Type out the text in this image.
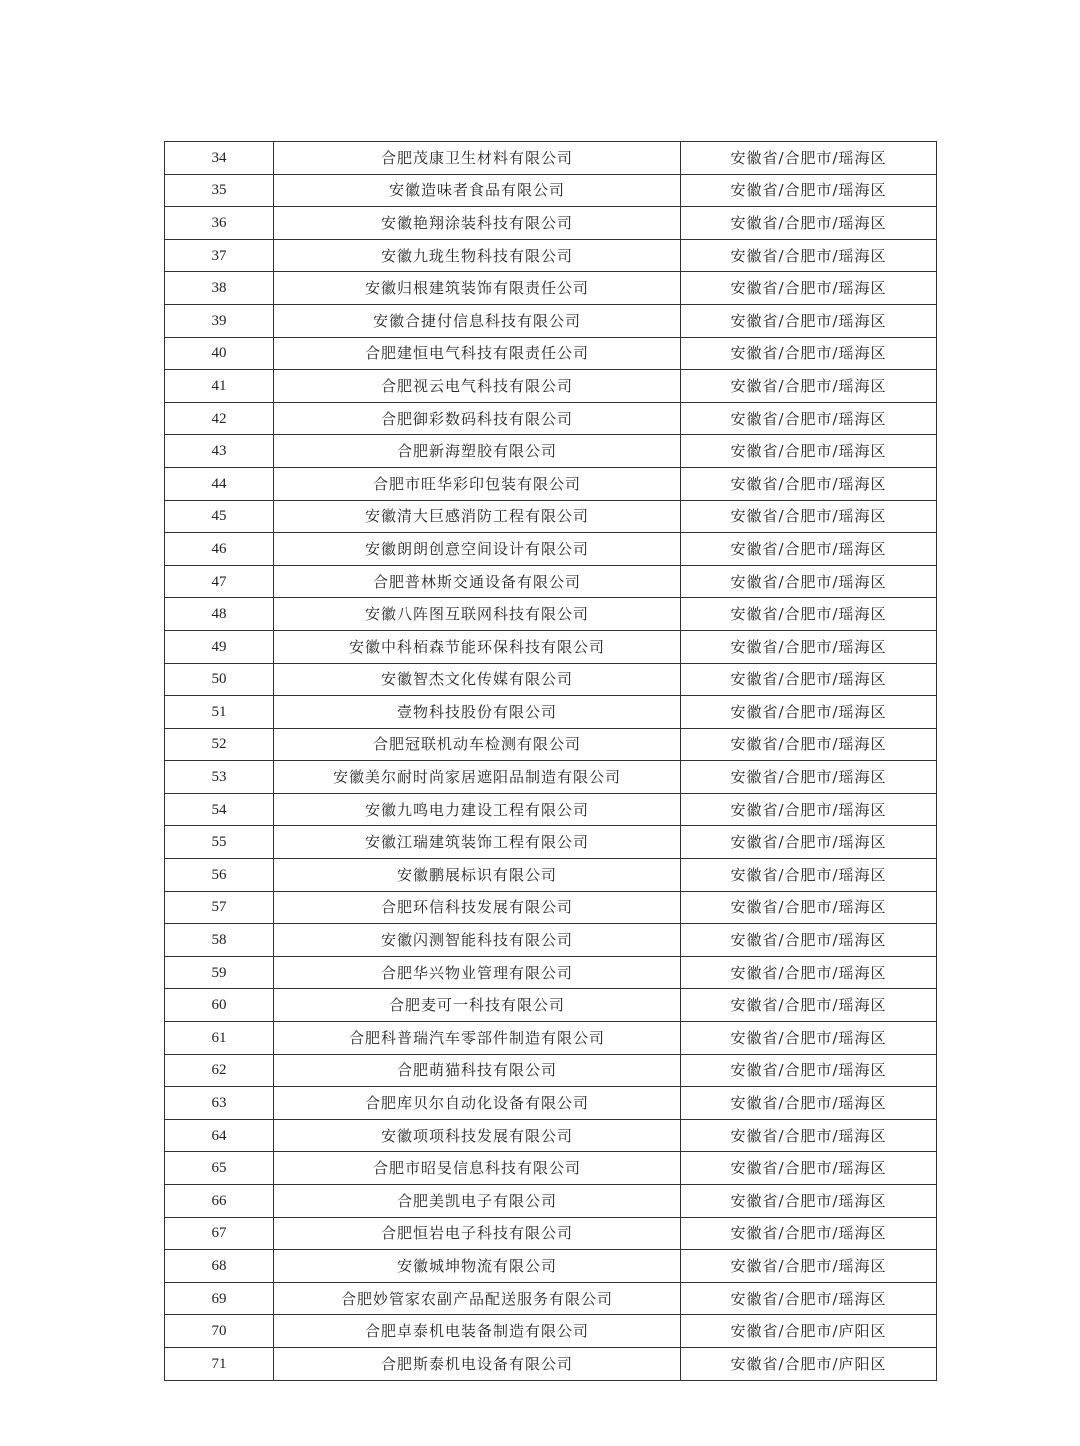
34	合肥茂康卫生材料有限公司	安徽省/合肥市/瑶海区
35	安徽造味者食品有限公司	安徽省/合肥市/瑶海区
36	安徽艳翔涂装科技有限公司	安徽省/合肥市/瑶海区
37	安徽九珑生物科技有限公司	安徽省/合肥市/瑶海区
38	安徽归根建筑装饰有限责任公司	安徽省/合肥市/瑶海区
39	安徽合捷付信息科技有限公司	安徽省/合肥市/瑶海区
40	合肥建恒电气科技有限责任公司	安徽省/合肥市/瑶海区
41	合肥视云电气科技有限公司	安徽省/合肥市/瑶海区
42	合肥御彩数码科技有限公司	安徽省/合肥市/瑶海区
43	合肥新海塑胶有限公司	安徽省/合肥市/瑶海区
44	合肥市旺华彩印包装有限公司	安徽省/合肥市/瑶海区
45	安徽清大巨感消防工程有限公司	安徽省/合肥市/瑶海区
46	安徽朗朗创意空间设计有限公司	安徽省/合肥市/瑶海区
47	合肥普林斯交通设备有限公司	安徽省/合肥市/瑶海区
48	安徽八阵图互联网科技有限公司	安徽省/合肥市/瑶海区
49	安徽中科栢森节能环保科技有限公司	安徽省/合肥市/瑶海区
50	安徽智杰文化传媒有限公司	安徽省/合肥市/瑶海区
51	壹物科技股份有限公司	安徽省/合肥市/瑶海区
52	合肥冠联机动车检测有限公司	安徽省/合肥市/瑶海区
53	安徽美尔耐时尚家居遮阳品制造有限公司	安徽省/合肥市/瑶海区
54	安徽九鸣电力建设工程有限公司	安徽省/合肥市/瑶海区
55	安徽江瑞建筑装饰工程有限公司	安徽省/合肥市/瑶海区
56	安徽鹏展标识有限公司	安徽省/合肥市/瑶海区
57	合肥环信科技发展有限公司	安徽省/合肥市/瑶海区
58	安徽闪测智能科技有限公司	安徽省/合肥市/瑶海区
59	合肥华兴物业管理有限公司	安徽省/合肥市/瑶海区
60	合肥麦可一科技有限公司	安徽省/合肥市/瑶海区
61	合肥科普瑞汽车零部件制造有限公司	安徽省/合肥市/瑶海区
62	合肥萌猫科技有限公司	安徽省/合肥市/瑶海区
63	合肥库贝尔自动化设备有限公司	安徽省/合肥市/瑶海区
64	安徽项项科技发展有限公司	安徽省/合肥市/瑶海区
65	合肥市昭旻信息科技有限公司	安徽省/合肥市/瑶海区
66	合肥美凯电子有限公司	安徽省/合肥市/瑶海区
67	合肥恒岩电子科技有限公司	安徽省/合肥市/瑶海区
68	安徽城坤物流有限公司	安徽省/合肥市/瑶海区
69	合肥妙管家农副产品配送服务有限公司	安徽省/合肥市/瑶海区
70	合肥卓泰机电装备制造有限公司	安徽省/合肥市/庐阳区
71	合肥斯泰机电设备有限公司	安徽省/合肥市/庐阳区
